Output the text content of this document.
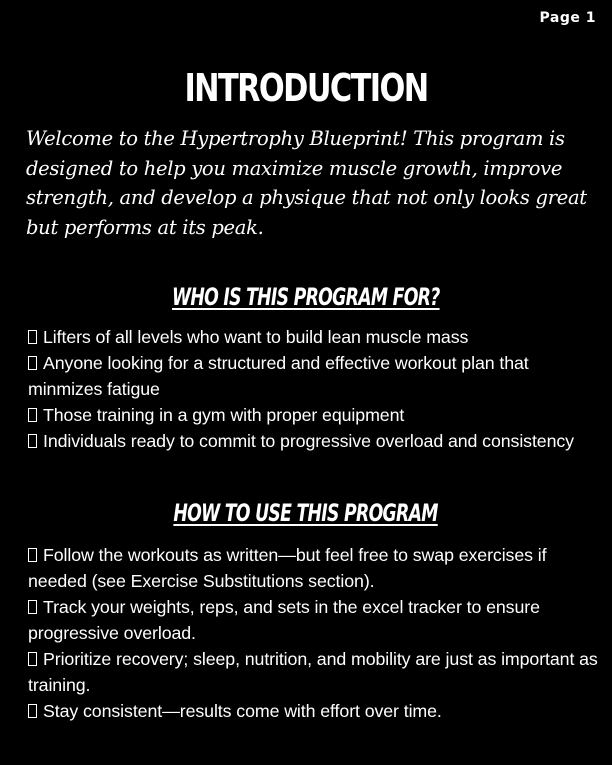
Page 1
INTRODUCTION

Welcome to the Hypertrophy Blueprint! This program is designed to help you maximize muscle growth, improve strength, and develop a physique that not only looks great but performs at its peak.

WHO IS THIS PROGRAM FOR?
Lifters of all levels who want to build lean muscle mass
Anyone looking for a structured and effective workout plan that minmizes fatigue
Those training in a gym with proper equipment
Individuals ready to commit to progressive overload and consistency
HOW TO USE THIS PROGRAM
Follow the workouts as written—but feel free to swap exercises if needed (see Exercise Substitutions section).
Track your weights, reps, and sets in the excel tracker to ensure progressive overload.
Prioritize recovery; sleep, nutrition, and mobility are just as important as training.
Stay consistent—results come with effort over time.
